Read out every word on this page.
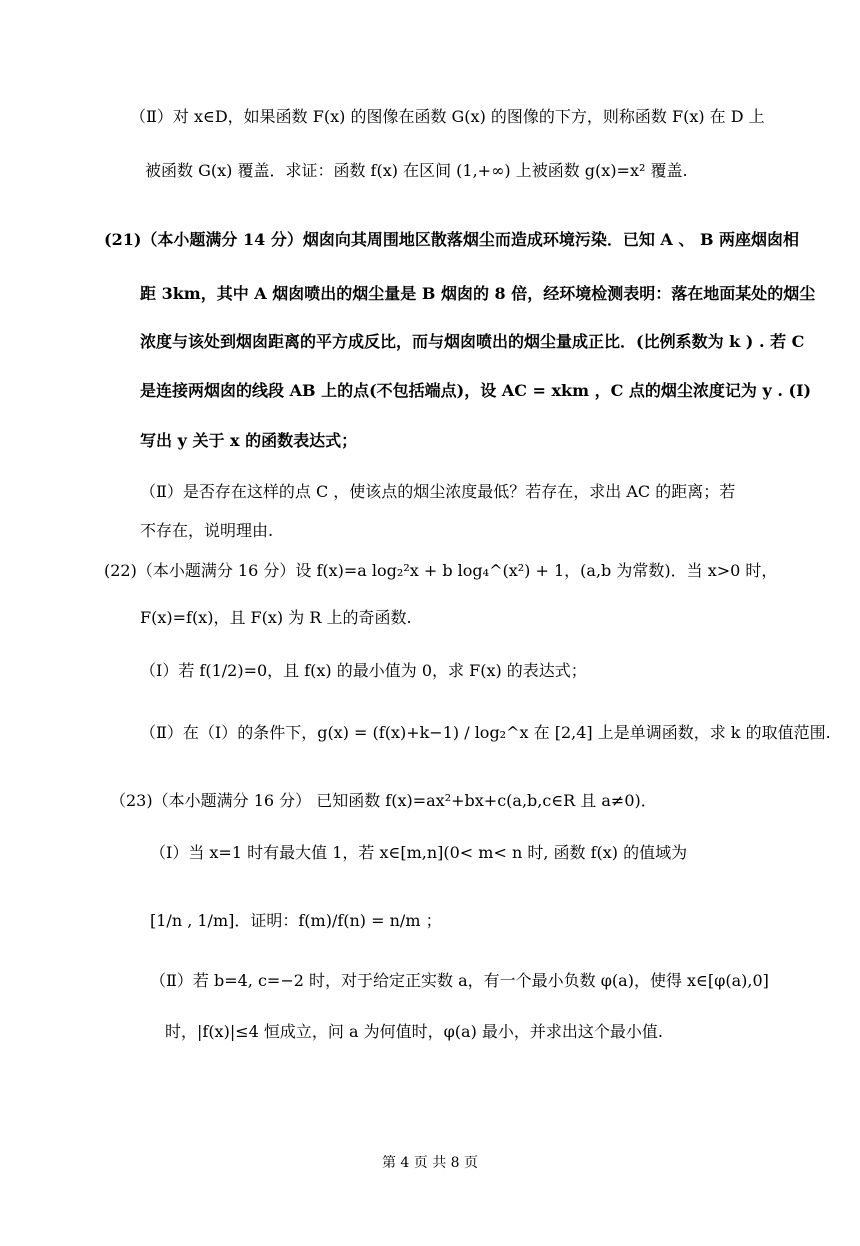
（Ⅱ）对 x∈D，如果函数 F(x) 的图像在函数 G(x) 的图像的下方，则称函数 F(x) 在 D 上
被函数 G(x) 覆盖．求证：函数 f(x) 在区间 (1,+∞) 上被函数 g(x)=x² 覆盖.
(21)（本小题满分 14 分）烟囱向其周围地区散落烟尘而造成环境污染．已知 A 、 B 两座烟囱相
距 3km，其中 A 烟囱喷出的烟尘量是 B 烟囱的 8 倍，经环境检测表明：落在地面某处的烟尘
浓度与该处到烟囱距离的平方成反比，而与烟囱喷出的烟尘量成正比．(比例系数为 k ) . 若 C
是连接两烟囱的线段 AB 上的点(不包括端点)，设 AC = xkm ，C 点的烟尘浓度记为 y . (Ⅰ)
写出 y 关于 x 的函数表达式；
（Ⅱ）是否存在这样的点 C ，使该点的烟尘浓度最低？若存在，求出 AC 的距离；若
不存在，说明理由.
(22)（本小题满分 16 分）设 f(x)=a log₂²x + b log₄^(x²) + 1，(a,b 为常数)．当 x>0 时，
F(x)=f(x)，且 F(x) 为 R 上的奇函数.
（Ⅰ）若 f(1/2)=0，且 f(x) 的最小值为 0，求 F(x) 的表达式；
（Ⅱ）在（Ⅰ）的条件下，g(x) = (f(x)+k−1) / log₂^x 在 [2,4] 上是单调函数，求 k 的取值范围.
（23)（本小题满分 16 分） 已知函数 f(x)=ax²+bx+c(a,b,c∈R 且 a≠0)．
（Ⅰ）当 x=1 时有最大值 1，若 x∈[m,n](0< m< n 时, 函数 f(x) 的值域为
[1/n , 1/m]．证明：f(m)/f(n) = n/m ；
（Ⅱ）若 b=4, c=−2 时，对于给定正实数 a，有一个最小负数 φ(a)，使得 x∈[φ(a),0]
时，|f(x)|≤4 恒成立，问 a 为何值时，φ(a) 最小，并求出这个最小值.
第 4 页 共 8 页
